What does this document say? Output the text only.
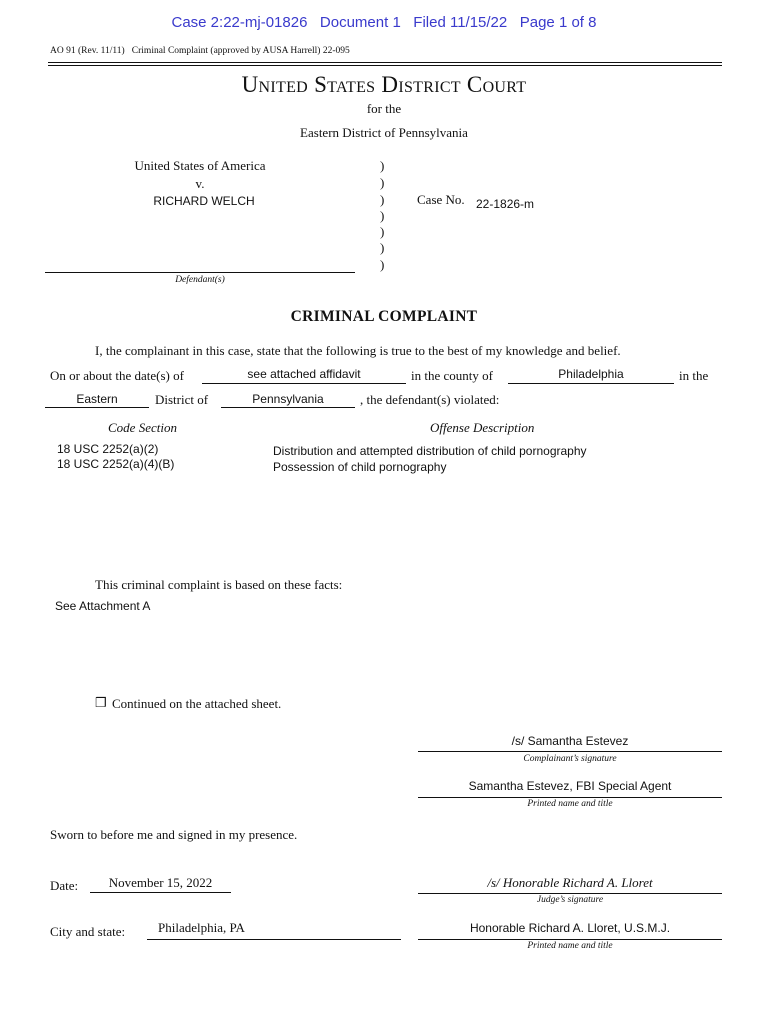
Case 2:22-mj-01826   Document 1   Filed 11/15/22   Page 1 of 8
AO 91 (Rev. 11/11)   Criminal Complaint (approved by AUSA Harrell) 22-095
United States District Court
for the
Eastern District of Pennsylvania
United States of America
v.
RICHARD WELCH
Defendant(s)
)
)
)
)
)
)
)
Case No. 22-1826-m
CRIMINAL COMPLAINT
I, the complainant in this case, state that the following is true to the best of my knowledge and belief.
On or about the date(s) of	see attached affidavit	in the county of	Philadelphia	in the
Eastern	District of	Pennsylvania	, the defendant(s) violated:
Code Section	Offense Description
18 USC 2252(a)(2)	Distribution and attempted distribution of child pornography
18 USC 2252(a)(4)(B)	Possession of child pornography
This criminal complaint is based on these facts:
See Attachment A
❒ Continued on the attached sheet.
/s/ Samantha Estevez
Complainant’s signature
Samantha Estevez, FBI Special Agent
Printed name and title
Sworn to before me and signed in my presence.
Date:	November 15, 2022	/s/ Honorable Richard A. Lloret
Judge’s signature
City and state:	Philadelphia, PA	Honorable Richard A. Lloret, U.S.M.J.
Printed name and title
